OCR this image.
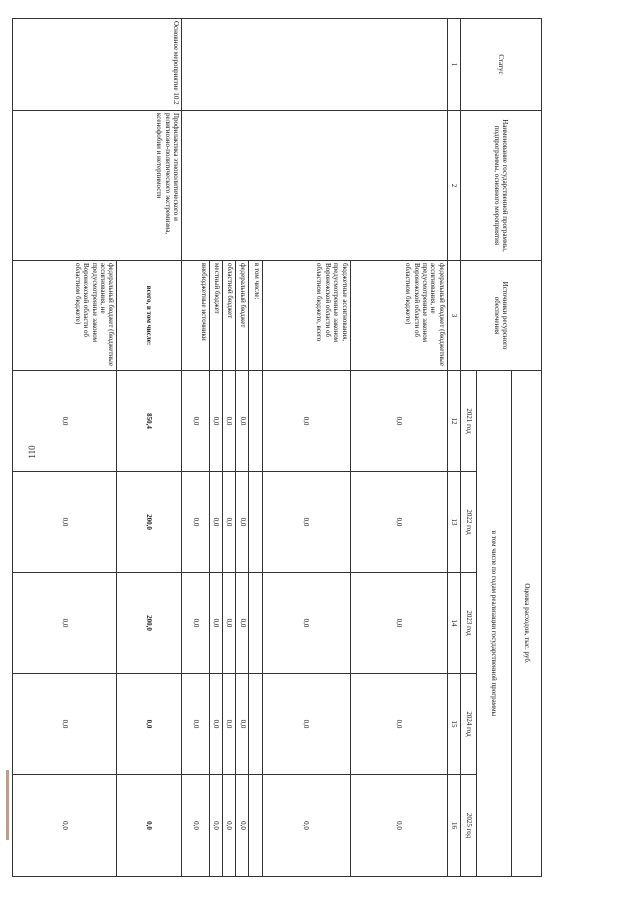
110
Статус	Наименование государственной программы, подпрограммы, основного мероприятия	Источники ресурсного обеспечения	Оценка расходов, тыс. руб.				
			в том числе по годам реализации государственной программы				
			2021 год	2022 год	2023 год	2024 год	2025 год
1	2	3	12	13	14	15	16
		федеральный бюджет (бюджетные ассигнования, не предусмотренные законом Воронежской области об областном бюджете)	0,0	0,0	0,0	0,0	0,0
		бюджетные ассигнования, предусмотренные законом Воронежской области об областном бюджете, всего	0,0	0,0	0,0	0,0	0,0
		в том числе:					
		федеральный бюджет	0,0	0,0	0,0	0,0	0,0
		областной бюджет	0,0	0,0	0,0	0,0	0,0
		местный бюджет	0,0	0,0	0,0	0,0	0,0
		внебюджетные источники	0,0	0,0	0,0	0,0	0,0
Основное мероприятие 10.2	Профилактика этнополитического и религиозно-политического экстремизма, ксенофобии и нетерпимости	всего, в том числе:	850,4	200,0	200,0	0,0	0,0
		федеральный бюджет (бюджетные ассигнования, не предусмотренные законом Воронежской области об областном бюджете)	0,0	0,0	0,0	0,0	0,0
